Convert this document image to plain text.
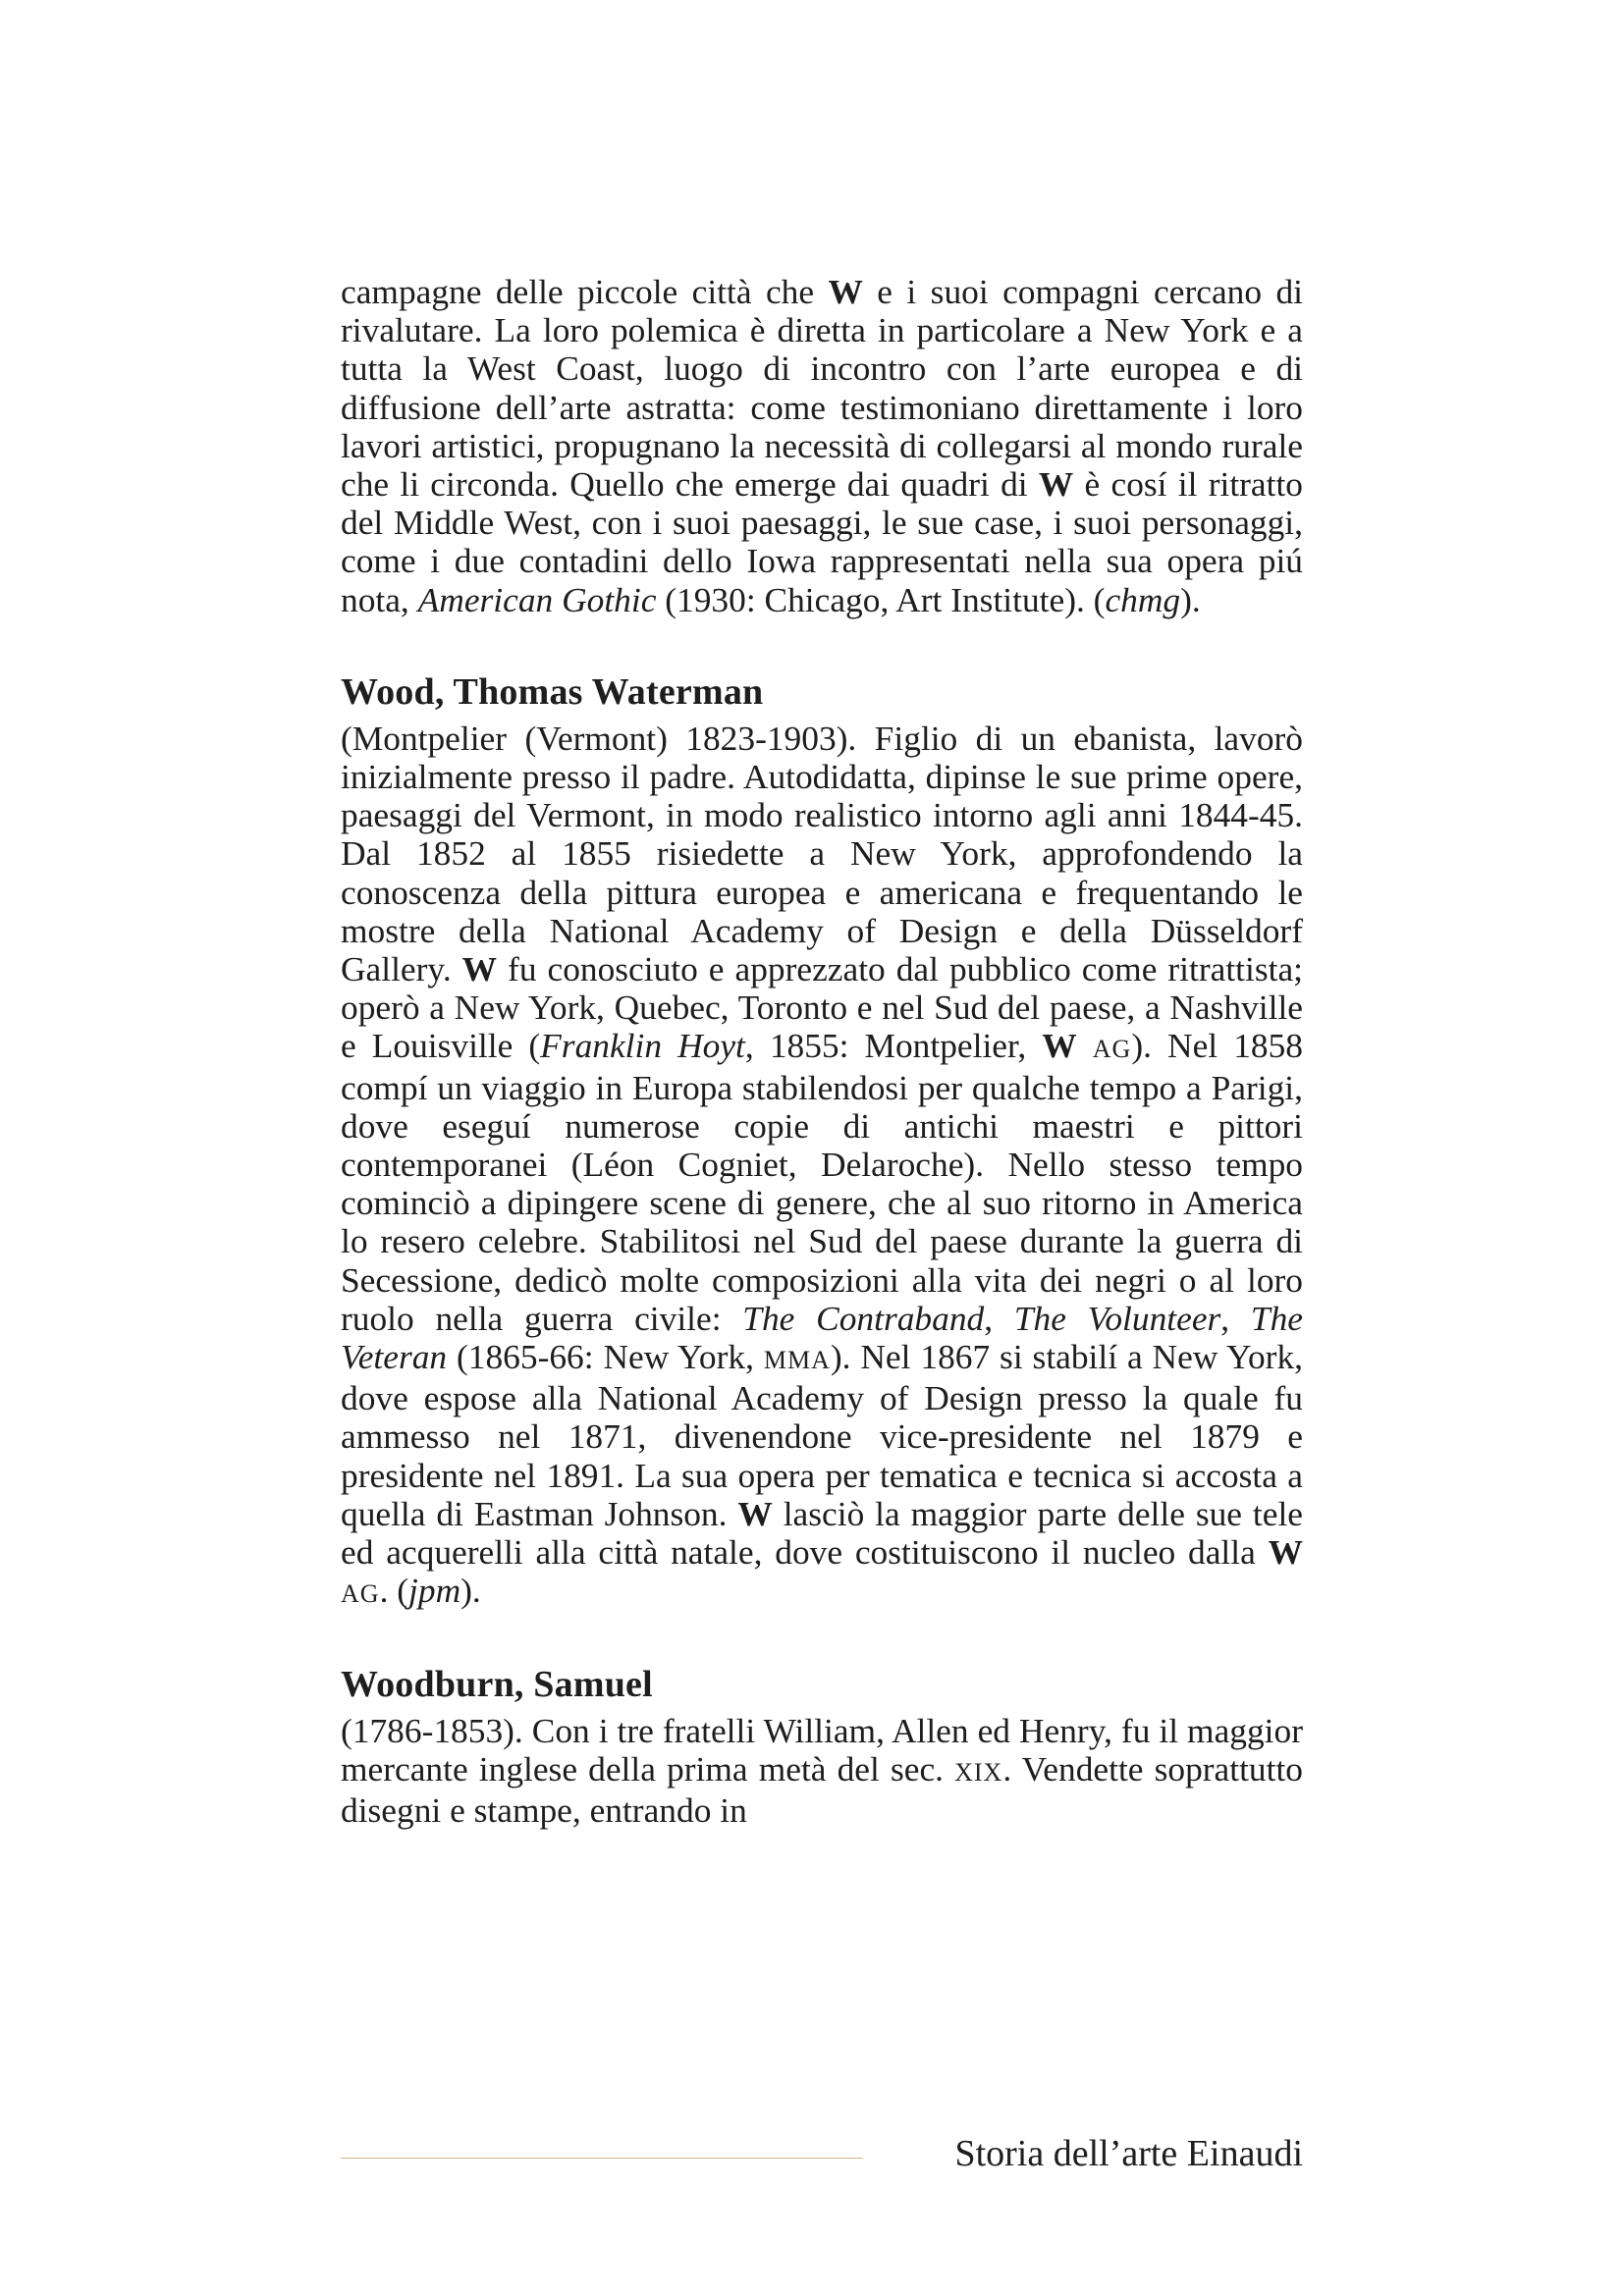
campagne delle piccole città che W e i suoi compagni cercano di rivalutare. La loro polemica è diretta in particolare a New York e a tutta la West Coast, luogo di incontro con l’arte europea e di diffusione dell’arte astratta: come testimoniano direttamente i loro lavori artistici, propugnano la necessità di collegarsi al mondo rurale che li circonda. Quello che emerge dai quadri di W è cosí il ritratto del Middle West, con i suoi paesaggi, le sue case, i suoi personaggi, come i due contadini dello Iowa rappresentati nella sua opera piú nota, American Gothic (1930: Chicago, Art Institute). (chmg).

Wood, Thomas Waterman

(Montpelier (Vermont) 1823-1903). Figlio di un ebanista, lavorò inizialmente presso il padre. Autodidatta, dipinse le sue prime opere, paesaggi del Vermont, in modo realistico intorno agli anni 1844-45. Dal 1852 al 1855 risiedette a New York, approfondendo la conoscenza della pittura europea e americana e frequentando le mostre della National Academy of Design e della Düsseldorf Gallery. W fu conosciuto e apprezzato dal pubblico come ritrattista; operò a New York, Quebec, Toronto e nel Sud del paese, a Nashville e Louisville (Franklin Hoyt, 1855: Montpelier, W AG). Nel 1858 compí un viaggio in Europa stabilendosi per qualche tempo a Parigi, dove eseguí numerose copie di antichi maestri e pittori contemporanei (Léon Cogniet, Delaroche). Nello stesso tempo cominciò a dipingere scene di genere, che al suo ritorno in America lo resero celebre. Stabilitosi nel Sud del paese durante la guerra di Secessione, dedicò molte composizioni alla vita dei negri o al loro ruolo nella guerra civile: The Contraband, The Volunteer, The Veteran (1865-66: New York, MMA). Nel 1867 si stabilí a New York, dove espose alla National Academy of Design presso la quale fu ammesso nel 1871, divenendone vice-presidente nel 1879 e presidente nel 1891. La sua opera per tematica e tecnica si accosta a quella di Eastman Johnson. W lasciò la maggior parte delle sue tele ed acquerelli alla città natale, dove costituiscono il nucleo dalla W AG. (jpm).

Woodburn, Samuel

(1786-1853). Con i tre fratelli William, Allen ed Henry, fu il maggior mercante inglese della prima metà del sec. XIX. Vendette soprattutto disegni e stampe, entrando in

Storia dell’arte Einaudi
